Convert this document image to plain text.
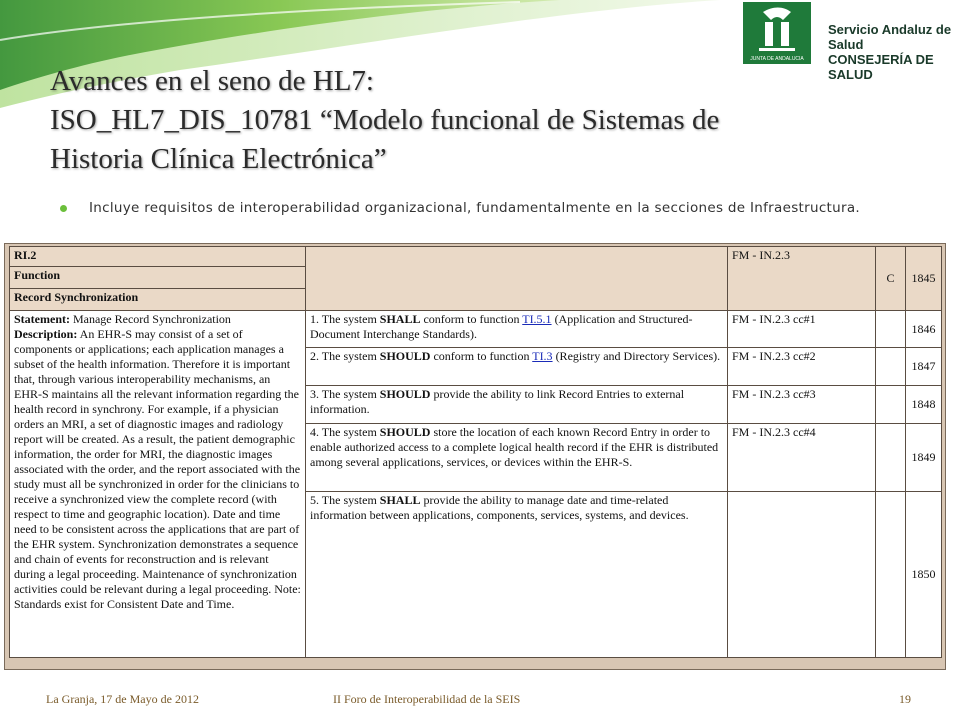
JUNTA DE ANDALUCIA
Servicio Andaluz de Salud
CONSEJERÍA DE SALUD
Avances en el seno de HL7:
ISO_HL7_DIS_10781 “Modelo funcional de Sistemas de
Historia Clínica Electrónica”
Incluye requisitos de interoperabilidad organizacional, fundamentalmente en la secciones de Infraestructura.
RI.2		FM - IN.2.3	C	1845
Function				
Record Synchronization				
Statement: Manage Record Synchronization
Description: An EHR-S may consist of a set of components or applications; each application manages a subset of the health information. Therefore it is important that, through various interoperability mechanisms, an EHR-S maintains all the relevant information regarding the health record in synchrony. For example, if a physician orders an MRI, a set of diagnostic images and radiology report will be created. As a result, the patient demographic information, the order for MRI, the diagnostic images associated with the order, and the report associated with the study must all be synchronized in order for the clinicians to receive a synchronized view the complete record (with respect to time and geographic location). Date and time need to be consistent across the applications that are part of the EHR system. Synchronization demonstrates a sequence and chain of events for reconstruction and is relevant during a legal proceeding. Maintenance of synchronization activities could be relevant during a legal proceeding. Note: Standards exist for Consistent Date and Time.	1. The system SHALL conform to function TI.5.1 (Application and Structured-Document Interchange Standards).	FM - IN.2.3 cc#1		1846
	2. The system SHOULD conform to function TI.3 (Registry and Directory Services).	FM - IN.2.3 cc#2		1847
	3. The system SHOULD provide the ability to link Record Entries to external information.	FM - IN.2.3 cc#3		1848
	4. The system SHOULD store the location of each known Record Entry in order to enable authorized access to a complete logical health record if the EHR is distributed among several applications, services, or devices within the EHR-S.	FM - IN.2.3 cc#4		1849
	5. The system SHALL provide the ability to manage date and time-related information between applications, components, services, systems, and devices.			1850
La Granja, 17 de Mayo de 2012	II Foro de Interoperabilidad de la SEIS	19
